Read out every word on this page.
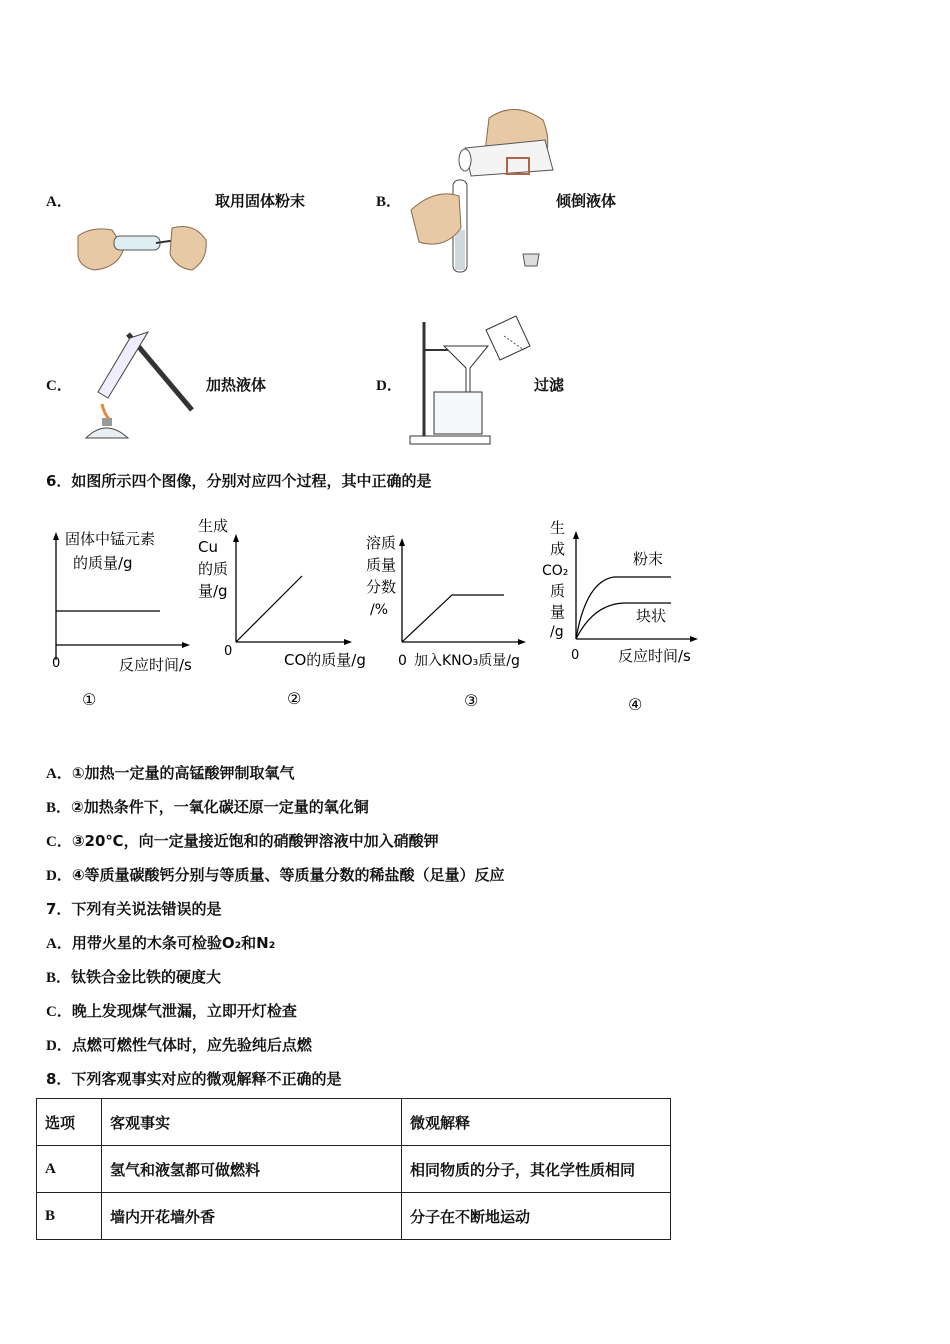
A．	取用固体粉末	B．	倾倒液体
C．	加热液体	D．	过滤
6．如图所示四个图像，分别对应四个过程，其中正确的是
固体中锰元素
的质量/g
0	反应时间/s
①
生成
Cu
的质
量/g
0	CO的质量/g
②
溶质
质量
分数
/%
0 加入KNO₃质量/g
③
生
成
CO₂
质
量
/g
粉末
块状
0	反应时间/s
④
A．①加热一定量的高锰酸钾制取氧气
B．②加热条件下，一氧化碳还原一定量的氧化铜
C．③20℃，向一定量接近饱和的硝酸钾溶液中加入硝酸钾
D．④等质量碳酸钙分别与等质量、等质量分数的稀盐酸（足量）反应
7．下列有关说法错误的是
A．用带火星的木条可检验O₂和N₂
B．钛铁合金比铁的硬度大
C．晚上发现煤气泄漏，立即开灯检查
D．点燃可燃性气体时，应先验纯后点燃
8．下列客观事实对应的微观解释不正确的是
选项	客观事实	微观解释
A	氢气和液氢都可做燃料	相同物质的分子，其化学性质相同
B	墙内开花墙外香	分子在不断地运动
